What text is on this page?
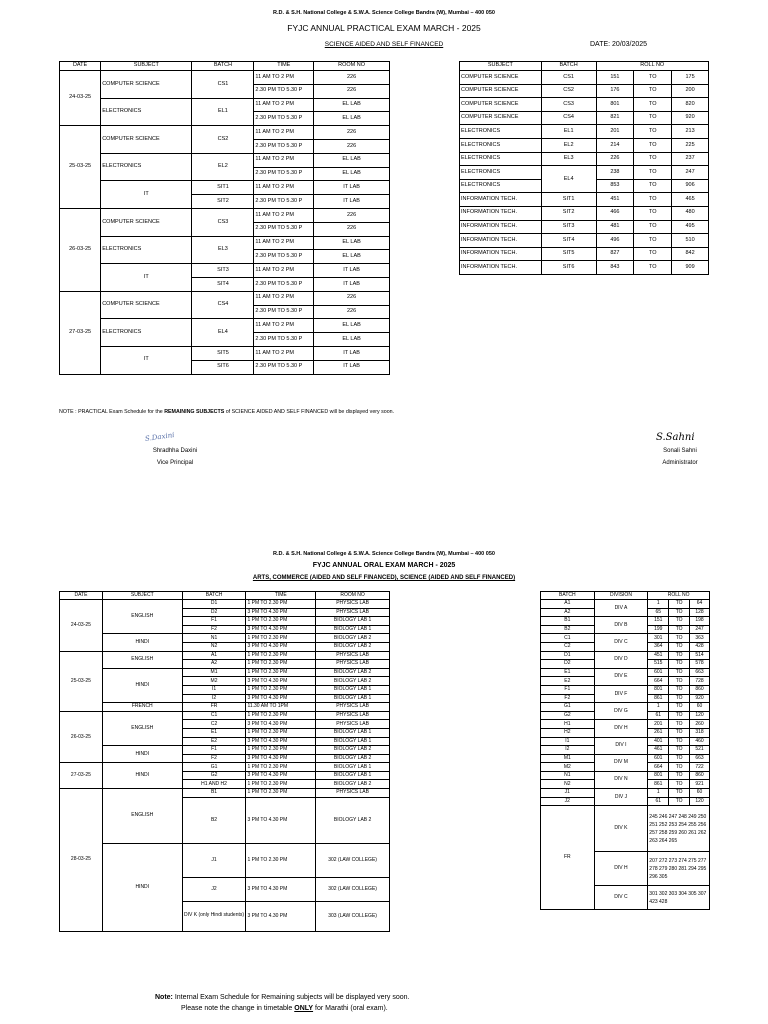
R.D. & S.H. National College & S.W.A. Science College Bandra (W), Mumbai – 400 050
FYJC ANNUAL PRACTICAL EXAM MARCH - 2025
SCIENCE AIDED AND SELF FINANCED	DATE: 20/03/2025
DATE	SUBJECT	BATCH	TIME	ROOM NO
24-03-25	COMPUTER SCIENCE	CS1	11 AM TO 2 PM	226
			2.30 PM TO 5.30 P	226
	ELECTRONICS	EL1	11 AM TO 2 PM	EL LAB
			2.30 PM TO 5.30 P	EL LAB
25-03-25	COMPUTER SCIENCE	CS2	11 AM TO 2 PM	226
			2.30 PM TO 5.30 P	226
	ELECTRONICS	EL2	11 AM TO 2 PM	EL LAB
			2.30 PM TO 5.30 P	EL LAB
	IT	SIT1	11 AM TO 2 PM	IT LAB
		SIT2	2.30 PM TO 5.30 P	IT LAB
26-03-25	COMPUTER SCIENCE	CS3	11 AM TO 2 PM	226
			2.30 PM TO 5.30 P	226
	ELECTRONICS	EL3	11 AM TO 2 PM	EL LAB
			2.30 PM TO 5.30 P	EL LAB
	IT	SIT3	11 AM TO 2 PM	IT LAB
		SIT4	2.30 PM TO 5.30 P	IT LAB
27-03-25	COMPUTER SCIENCE	CS4	11 AM TO 2 PM	226
			2.30 PM TO 5.30 P	226
	ELECTRONICS	EL4	11 AM TO 2 PM	EL LAB
			2.30 PM TO 5.30 P	EL LAB
	IT	SIT5	11 AM TO 2 PM	IT LAB
		SIT6	2.30 PM TO 5.30 P	IT LAB
SUBJECT	BATCH	ROLL NO		
COMPUTER SCIENCE	CS1	151	TO	175
COMPUTER SCIENCE	CS2	176	TO	200
COMPUTER SCIENCE	CS3	801	TO	820
COMPUTER SCIENCE	CS4	821	TO	920
ELECTRONICS	EL1	201	TO	213
ELECTRONICS	EL2	214	TO	225
ELECTRONICS	EL3	226	TO	237
ELECTRONICS	EL4	238	TO	247
ELECTRONICS		853	TO	906
INFORMATION TECH.	SIT1	451	TO	465
INFORMATION TECH.	SIT2	466	TO	480
INFORMATION TECH.	SIT3	481	TO	495
INFORMATION TECH.	SIT4	496	TO	510
INFORMATION TECH.	SIT5	827	TO	842
INFORMATION TECH.	SIT6	843	TO	909
NOTE : PRACTICAL Exam Schedule for the REMAINING SUBJECTS of SCIENCE AIDED AND SELF FINANCED will be displayed very soon.
S.Daxini
Shradhha Daxini
Vice Principal
S.Sahni
Sonali Sahni
Administrator
R.D. & S.H. National College & S.W.A. Science College Bandra (W), Mumbai – 400 050
FYJC ANNUAL ORAL EXAM MARCH - 2025
ARTS, COMMERCE (AIDED AND SELF FINANCED), SCIENCE (AIDED AND SELF FINANCED)
DATE	SUBJECT	BATCH	TIME	ROOM NO
24-03-25	ENGLISH	D1	1 PM TO 2.30 PM	PHYSICS LAB
		D2	3 PM TO 4.30 PM	PHYSICS LAB
		F1	1 PM TO 2.30 PM	BIOLOGY LAB 1
		F2	3 PM TO 4.30 PM	BIOLOGY LAB 1
	HINDI	N1	1 PM TO 2.30 PM	BIOLOGY LAB 2
		N2	3 PM TO 4.30 PM	BIOLOGY LAB 2
25-03-25	ENGLISH	A1	1 PM TO 2.30 PM	PHYSICS LAB
		A2	1 PM TO 2.30 PM	PHYSICS LAB
	HINDI	M1	1 PM TO 2.30 PM	BIOLOGY LAB 2
		M2	3 PM TO 4.30 PM	BIOLOGY LAB 2
		I1	1 PM TO 2.30 PM	BIOLOGY LAB 1
		I2	3 PM TO 4.30 PM	BIOLOGY LAB 1
	FRENCH	FR	11.30 AM TO 1PM	PHYSICS LAB

26-03-25	ENGLISH	C1	1 PM TO 2.30 PM	PHYSICS LAB
		C2	3 PM TO 4.30 PM	PHYSICS LAB
		E1	1 PM TO 2.30 PM	BIOLOGY LAB 1
		E2	3 PM TO 4.30 PM	BIOLOGY LAB 1
	HINDI	F1	1 PM TO 2.30 PM	BIOLOGY LAB 2
		F2	3 PM TO 4.30 PM	BIOLOGY LAB 2
27-03-25	HINDI	G1	1 PM TO 2.30 PM	BIOLOGY LAB 1
		G2	3 PM TO 4.30 PM	BIOLOGY LAB 1
		H1 AND H2	1 PM TO 2.30 PM	BIOLOGY LAB 2
28-03-25	ENGLISH	B1	1 PM TO 2.30 PM	PHYSICS LAB
		B2	3 PM TO 4.30 PM	BIOLOGY LAB 2
	HINDI	J1	1 PM TO 2.30 PM	302 (LAW COLLEGE)
		J2	3 PM TO 4.30 PM	302 (LAW COLLEGE)
		DIV K (only Hindi students)	3 PM TO 4.30 PM	303 (LAW COLLEGE)
BATCH	DIVISION	ROLL NO		
A1	DIV A	1	TO	64
A2		65	TO	128
B1	DIV B	151	TO	198
B2		199	TO	247
C1	DIV C	301	TO	363
C2		364	TO	428
D1	DIV D	451	TO	514
D2		515	TO	578
E1	DIV E	601	TO	663
E2		664	TO	728
F1	DIV F	801	TO	860
F2		861	TO	920
G1	DIV G	1	TO	60
G2		61	TO	120
H1	DIV H	201	TO	260
H2		261	TO	318
I1	DIV I	401	TO	460
I2		461	TO	521
M1	DIV M	601	TO	663
M2		664	TO	722
N1	DIV N	801	TO	860
N2		861	TO	921
J1	DIV J	1	TO	60
J2		61	TO	120
FR	DIV K	245 246 247 248 249 250 251 252 253 254 255 256 257 258 259 260 261 262 263 264 265		
	DIV H	207 272 273 274 275 277 278 279 280 281 294 295 296 305		
	DIV C	301 302 303 304 305 307 423 428		
Note: Internal Exam Schedule for Remaining subjects will be displayed very soon.
Please note the change in timetable ONLY for Marathi (oral exam).
